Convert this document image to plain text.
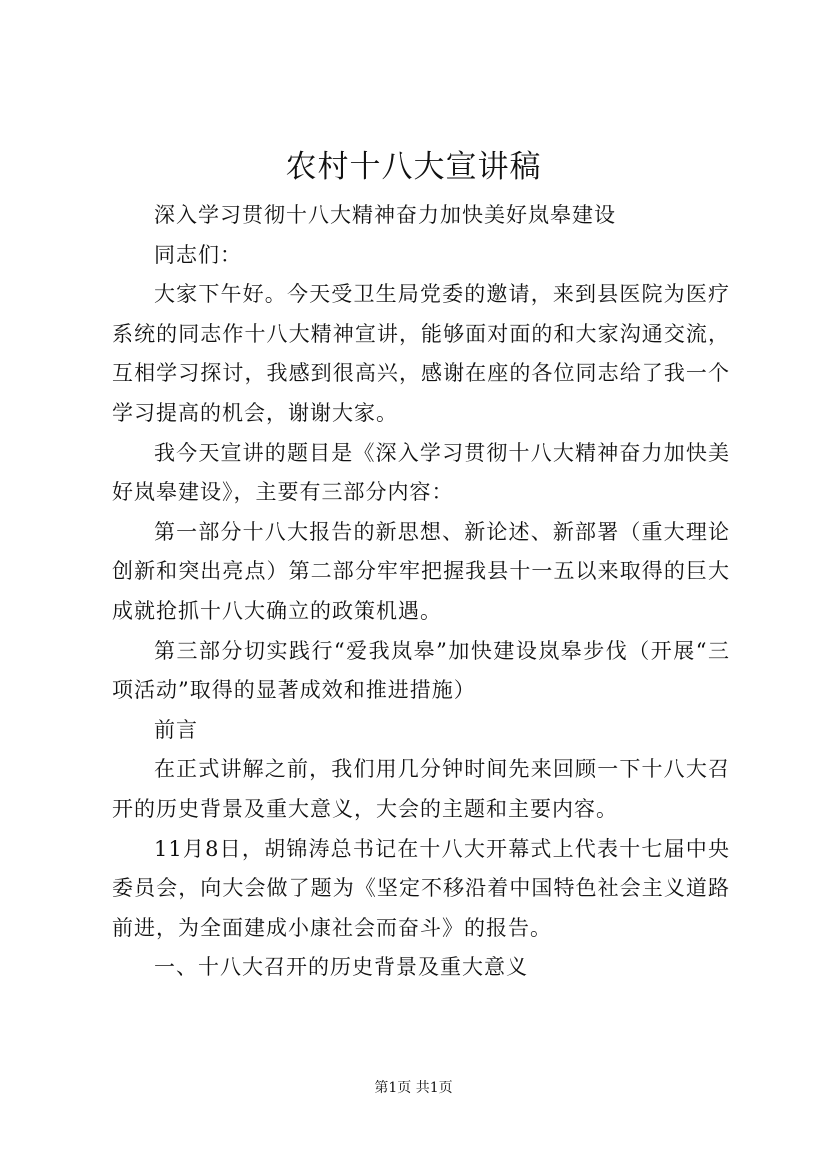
农村十八大宣讲稿

深入学习贯彻十八大精神奋力加快美好岚皋建设

同志们：

大家下午好。今天受卫生局党委的邀请，来到县医院为医疗系统的同志作十八大精神宣讲，能够面对面的和大家沟通交流，互相学习探讨，我感到很高兴，感谢在座的各位同志给了我一个学习提高的机会，谢谢大家。

我今天宣讲的题目是《深入学习贯彻十八大精神奋力加快美好岚皋建设》，主要有三部分内容：

第一部分十八大报告的新思想、新论述、新部署（重大理论创新和突出亮点）第二部分牢牢把握我县十一五以来取得的巨大成就抢抓十八大确立的政策机遇。

第三部分切实践行“爱我岚皋”加快建设岚皋步伐（开展“三项活动”取得的显著成效和推进措施）

前言

在正式讲解之前，我们用几分钟时间先来回顾一下十八大召开的历史背景及重大意义，大会的主题和主要内容。

11月8日，胡锦涛总书记在十八大开幕式上代表十七届中央委员会，向大会做了题为《坚定不移沿着中国特色社会主义道路前进，为全面建成小康社会而奋斗》的报告。

一、十八大召开的历史背景及重大意义

第1页 共1页
